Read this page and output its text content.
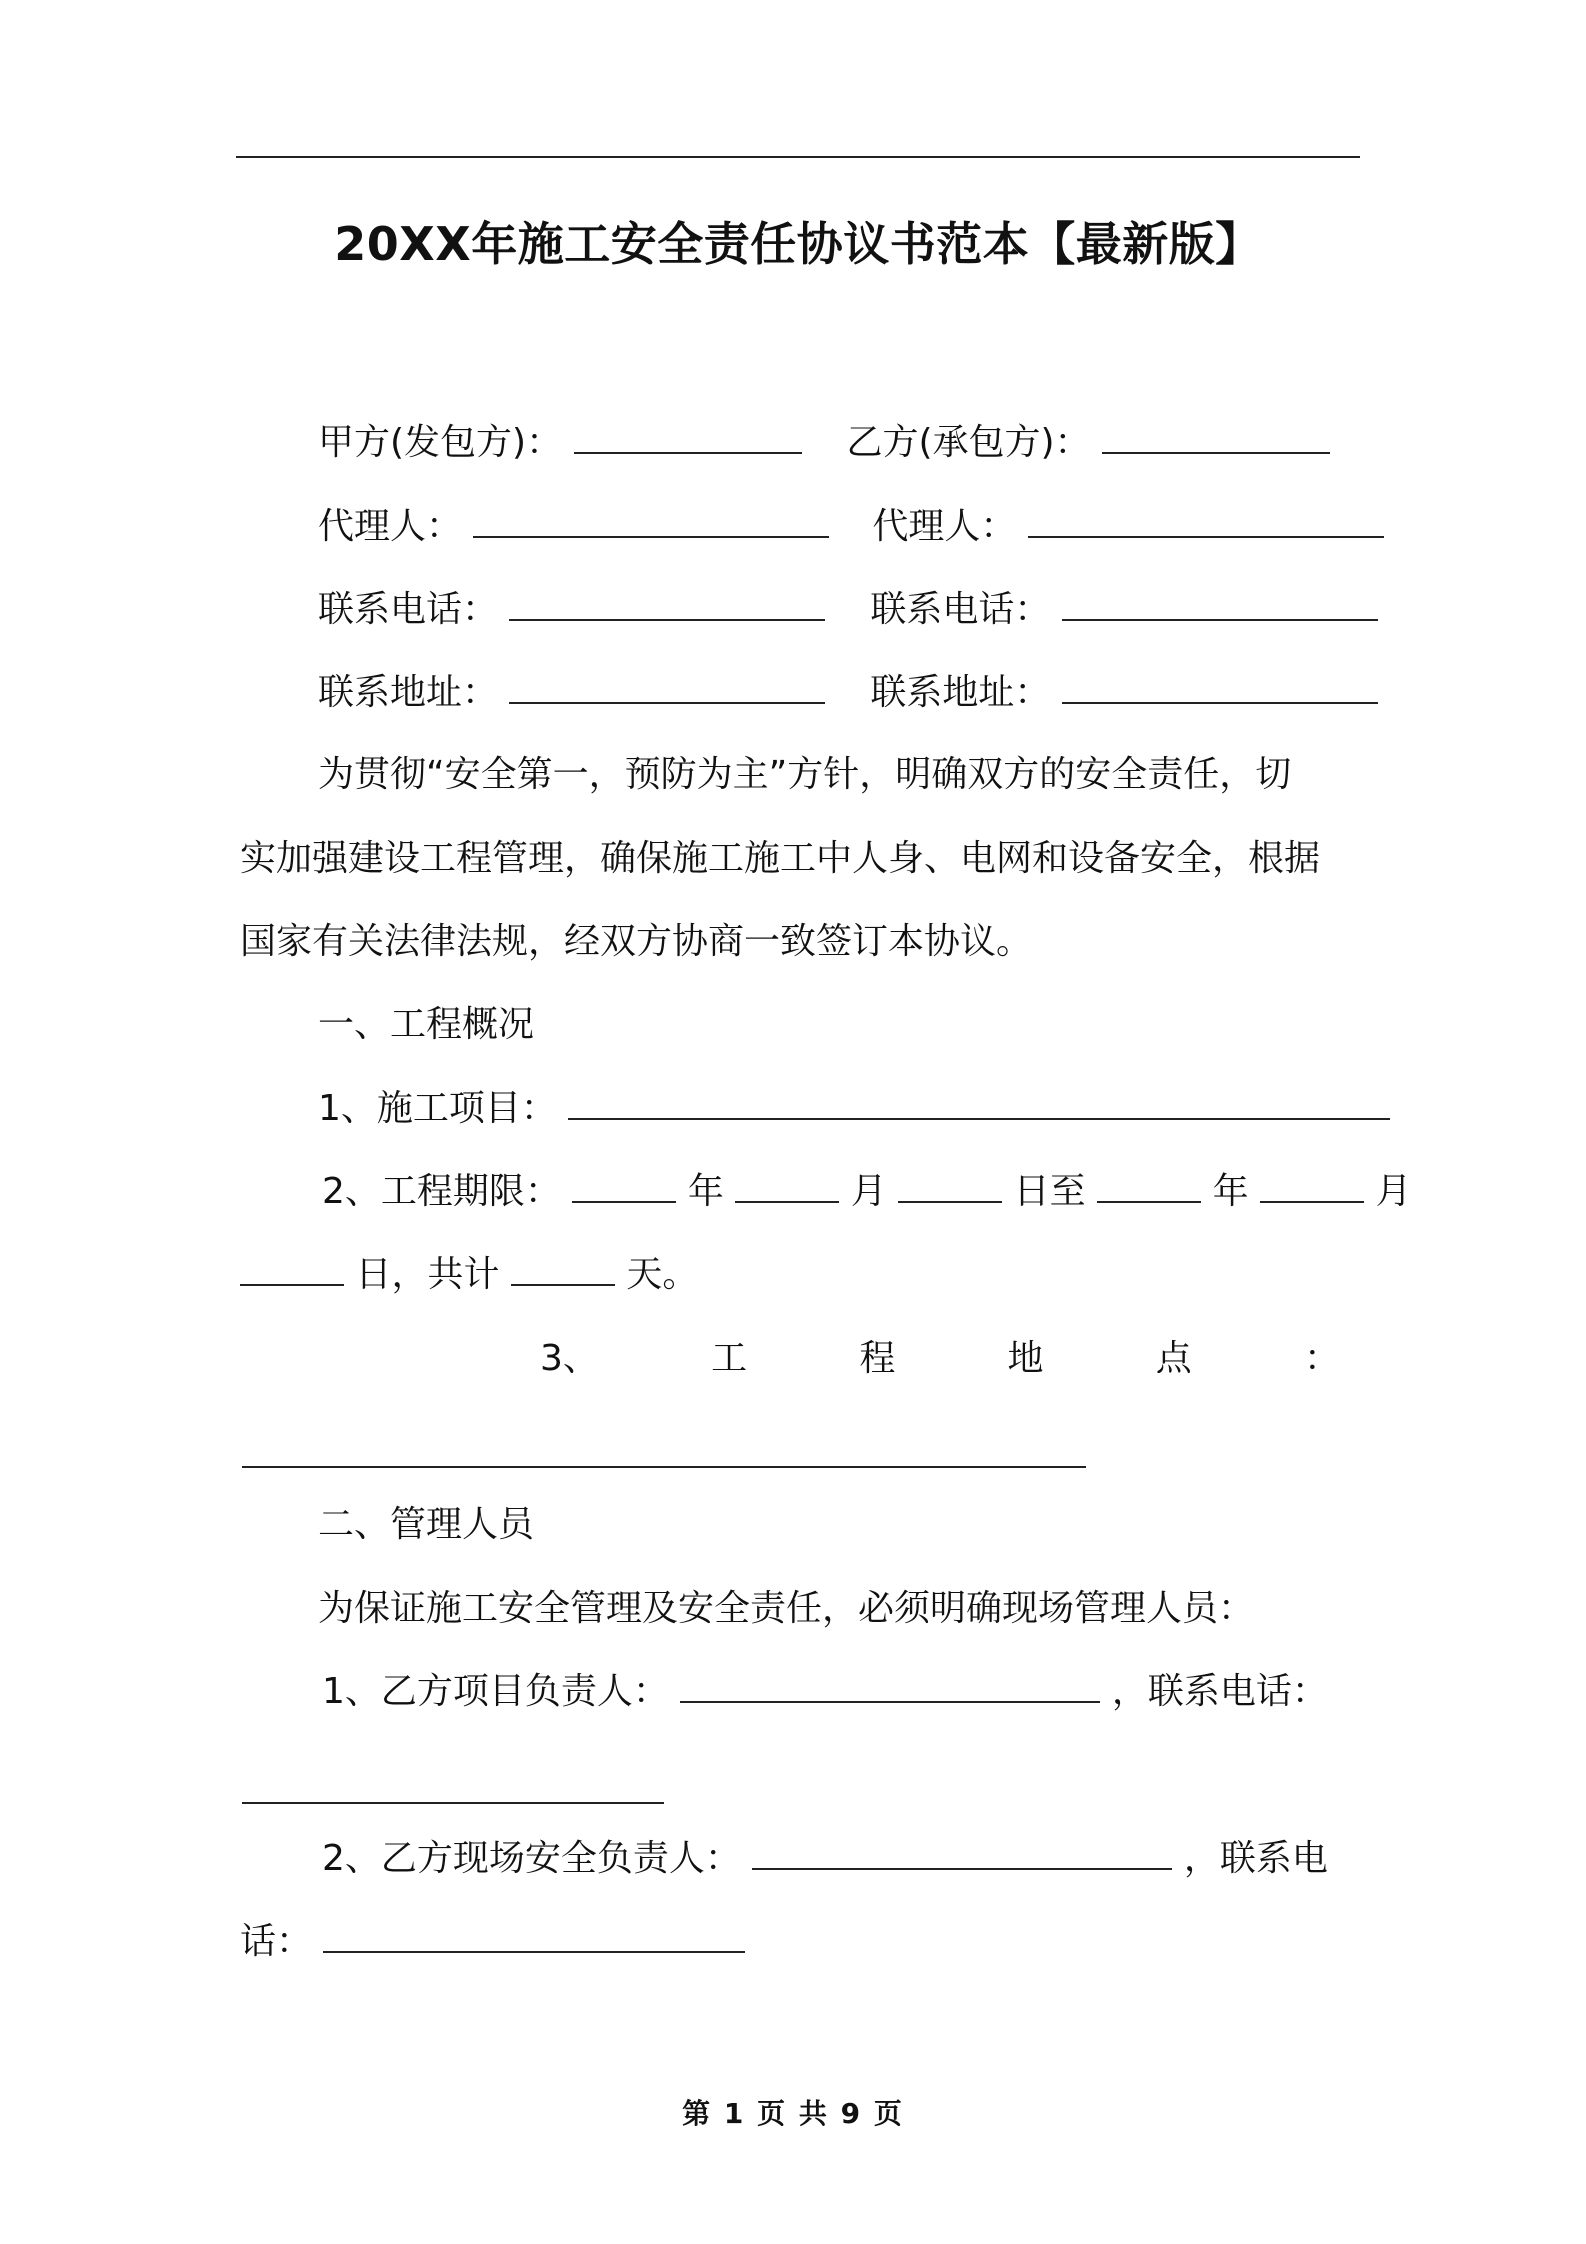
20XX年施工安全责任协议书范本【最新版】
甲方(发包方)：	乙方(承包方)：
代理人：	代理人：
联系电话：	联系电话：
联系地址：	联系地址：
为贯彻“安全第一，预防为主”方针，明确双方的安全责任，切
实加强建设工程管理，确保施工施工中人身、电网和设备安全，根据
国家有关法律法规，经双方协商一致签订本协议。
一、工程概况
1、施工项目：
2、工程期限：	年	月	日至	年	月
日，共计	天。
3、	工	程	地	点	：
二、管理人员
为保证施工安全管理及安全责任，必须明确现场管理人员：
1、乙方项目负责人：	，联系电话：
2、乙方现场安全负责人：	，联系电
话：
第 1 页 共 9 页
